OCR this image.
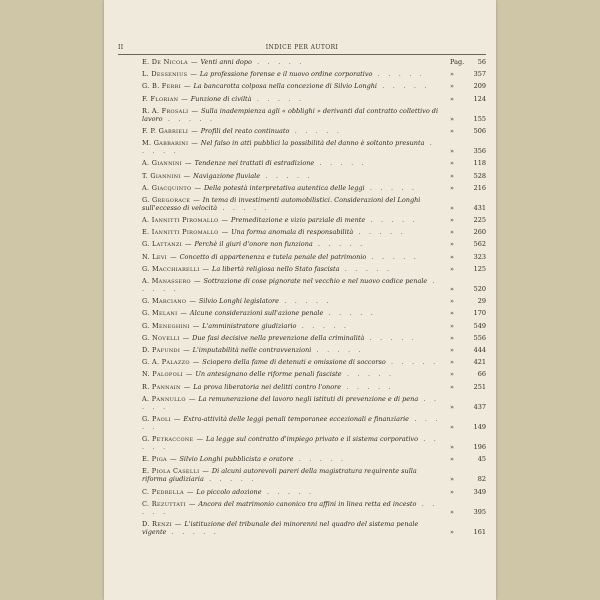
II	INDICE PER AUTORI
E. De Nicola — Venti anni dopo . . . . .	Pag. 56
L. Dessenius — La professione forense e il nuovo ordine corporativo . . . . .	»	357
G. B. Ferri — La bancarotta colposa nella concezione di Silvio Longhi . . . . .	»	209
F. Florian — Funzione di civiltà . . . . .	»	124
R. A. Frosali — Sulla inadempienza agli « obblighi » derivanti dal contratto collettivo di lavoro . . . . .	»	155
F. P. Gabrieli — Profili del reato continuato . . . . .	»	506
M. Gabbarini — Nel falso in atti pubblici la possibilità del danno è soltanto presunta . . . . .	»	356
A. Giannini — Tendenze nei trattati di estradizione . . . . .	»	118
T. Giannini — Navigazione fluviale . . . . .	»	528
A. Giacquinto — Della potestà interpretativa autentica delle leggi . . . . .	»	216
G. Gregorace — In tema di investimenti automobilistici. Considerazioni del Longhi sull'eccesso di velocità . . . . .	»	431
A. Iannitti Piromallo — Premeditazione e vizio parziale di mente . . . . .	»	225
E. Iannitti Piromallo — Una forma anomala di responsabilità . . . . .	»	260
G. Lattanzi — Perchè il giuri d'onore non funziona . . . . .	»	562
N. Levi — Concetto di appartenenza e tutela penale del patrimonio . . . . .	»	323
G. Macchiarelli — La libertà religiosa nello Stato fascista . . . . .	»	125
A. Manassero — Sottrazione di cose pignorate nel vecchio e nel nuovo codice penale . . . . .	»	520
G. Marciano — Silvio Longhi legislatore . . . . .	»	29
G. Melani — Alcune considerazioni sull'azione penale . . . . .	»	170
G. Meneghini — L'amministratore giudiziario . . . . .	»	549
G. Novelli — Due fasi decisive nella prevenzione della criminalità . . . . .	»	556
D. Pafundi — L'imputabilità nelle contravvenzioni . . . . .	»	444
G. A. Palazzo — Sciopero della fame di detenuti e omissione di soccorso . . . . .	»	421
N. Palopoli — Un antesignano delle riforme penali fasciste . . . . .	»	66
R. Pannain — La prova liberatoria nei delitti contro l'onore . . . . .	»	251
A. Pannullo — La remunerazione del lavoro negli istituti di prevenzione e di pena . . . . .	»	437
G. Paoli — Extra-attività delle leggi penali temporanee eccezionali e finanziarie . . . . .	»	149
G. Petraccone — La legge sul contratto d'impiego privato e il sistema corporativo . . . . .	»	196
E. Piga — Silvio Longhi pubblicista e oratore . . . . .	»	45
E. Piola Caselli — Di alcuni autorevoli pareri della magistratura requirente sulla riforma giudiziaria . . . . .	»	82
C. Pedrella — Lo piccolo adozione . . . . .	»	349
C. Rezuttati — Ancora del matrimonio canonico tra affini in linea retta ed incesto . . . . .	»	395
D. Renzi — L'istituzione del tribunale dei minorenni nel quadro del sistema penale vigente . . . . .	»	161
